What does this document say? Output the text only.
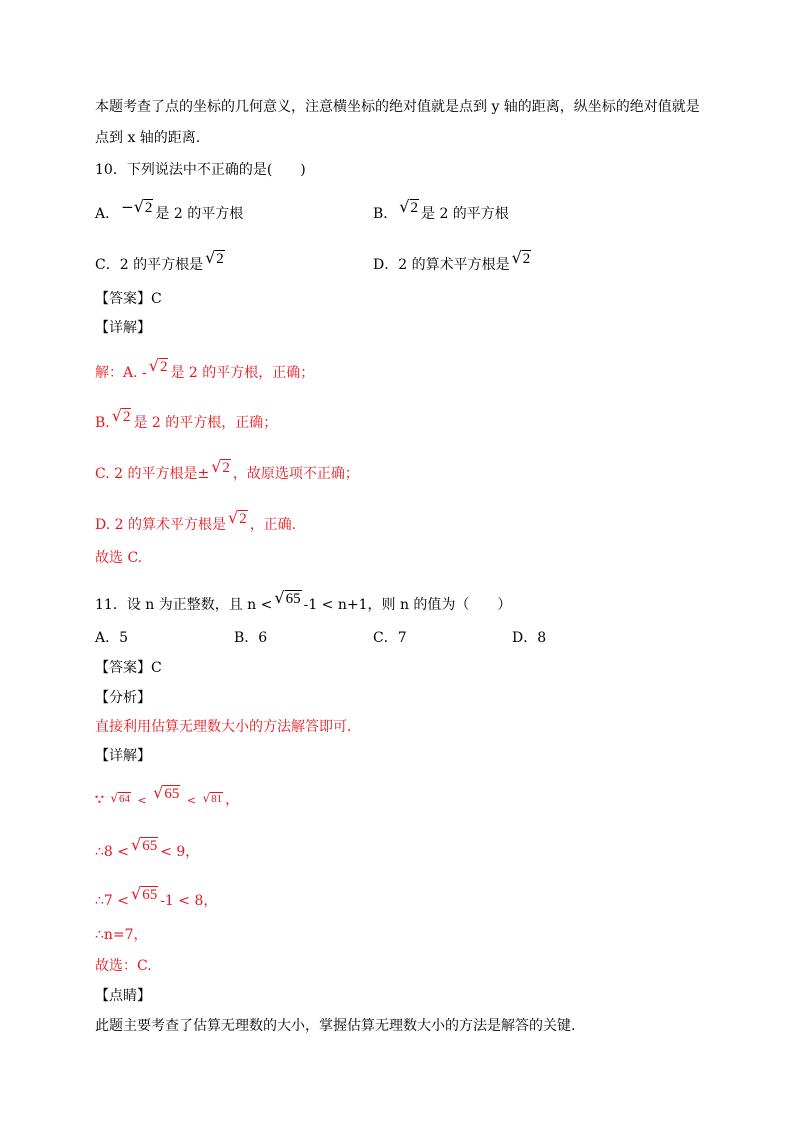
本题考查了点的坐标的几何意义，注意横坐标的绝对值就是点到 y 轴的距离，纵坐标的绝对值就是
点到 x 轴的距离.
10．下列说法中不正确的是(　　)
A． −√2 是 2 的平方根	B． √2 是 2 的平方根
C．2 的平方根是 √2	D．2 的算术平方根是 √2
【答案】C
【详解】
解：A. - √2 是 2 的平方根，正确；
B. √2 是 2 的平方根，正确；
C. 2 的平方根是± √2 ，故原选项不正确；
D. 2 的算术平方根是 √2 ，正确.
故选 C.
11．设 n 为正整数，且 n < √65 -1 < n+1，则 n 的值为（　　）
A．5	B．6	C．7	D．8
【答案】C
【分析】
直接利用估算无理数大小的方法解答即可.
【详解】
∵ √64 < √65 < √81 ，
∴8 < √65 < 9，
∴7 < √65 -1 < 8，
∴n=7，
故选：C.
【点睛】
此题主要考查了估算无理数的大小，掌握估算无理数大小的方法是解答的关键.
